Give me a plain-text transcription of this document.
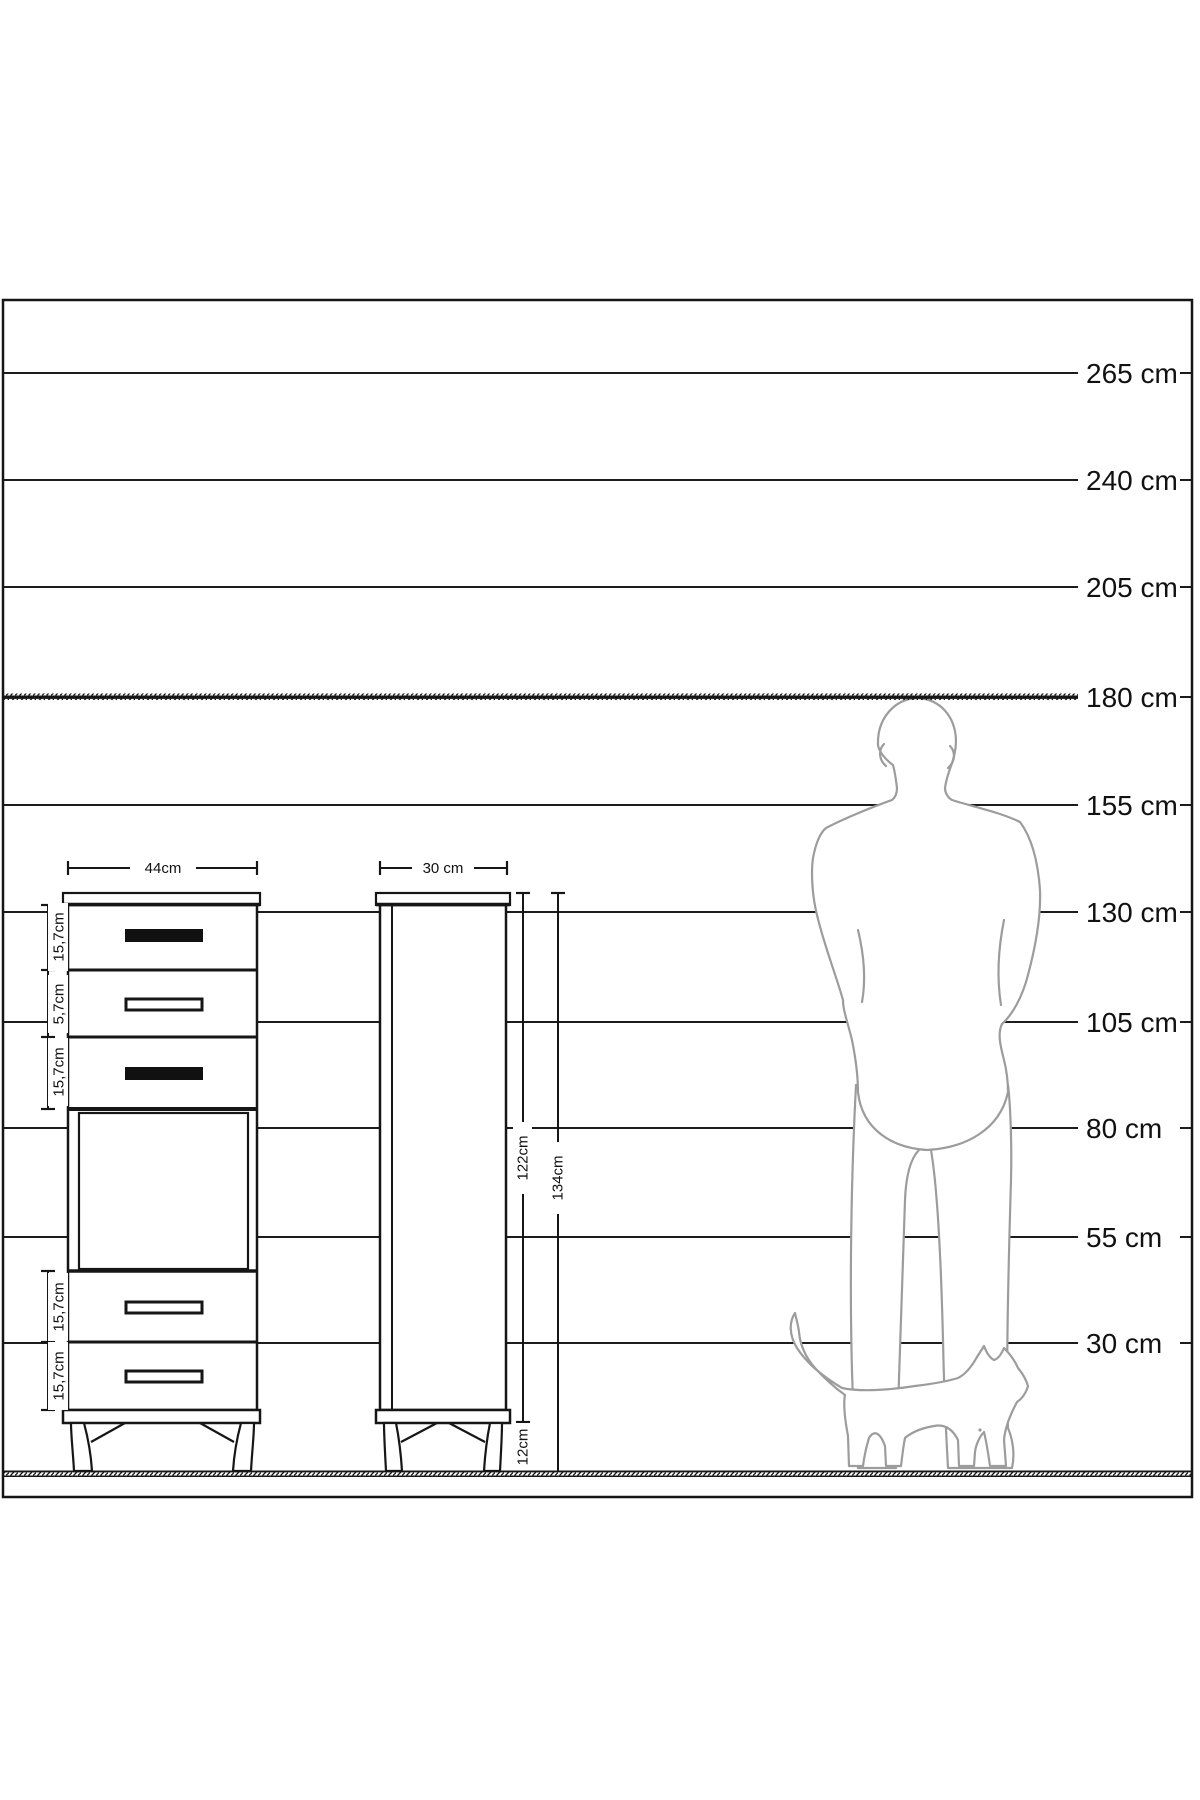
44cm	30 cm
15,7cm
5,7cm
15,7cm
15,7cm
15,7cm
122cm 134cm
12cm
265 cm
240 cm
205 cm
180 cm
155 cm
130 cm
105 cm
80 cm
55 cm
30 cm
